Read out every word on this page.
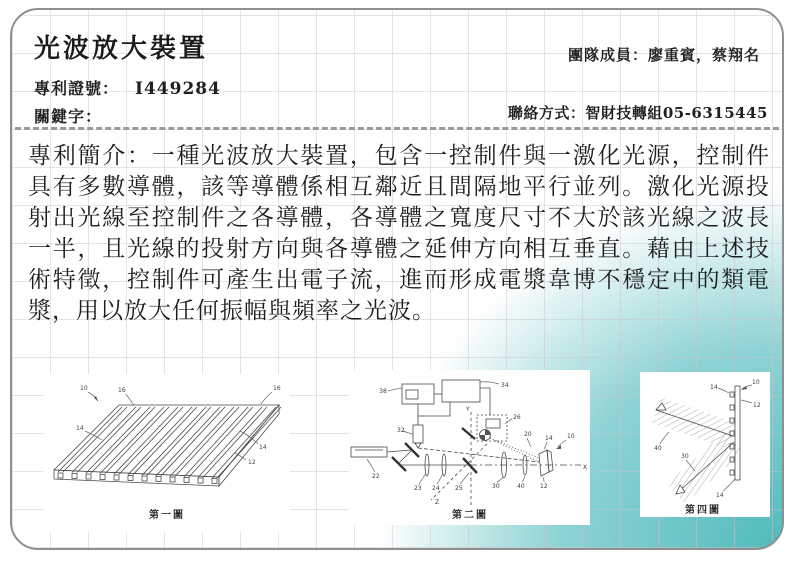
光波放大裝置	團隊成員：廖重賓，蔡翔名
專利證號： I449284
關鍵字：	聯絡方式：智財技轉組05-6315445
專利簡介：一種光波放大裝置，包含一控制件與一激化光源，控制件具有多數導體，該等導體係相互鄰近且間隔地平行並列。激化光源投射出光線至控制件之各導體，各導體之寬度尺寸不大於該光線之波長一半，且光線的投射方向與各導體之延伸方向相互垂直。藉由上述技術特徵，控制件可產生出電子流，進而形成電漿韋博不穩定中的類電漿，用以放大任何振幅與頻率之光波。
10	16	16
14
14
12
第一圖
38
34
32
26
22
23 24	25	30	40	12
14
20	10
Y
Z
X
第二圖
10
14
12
14
40
30
第四圖
